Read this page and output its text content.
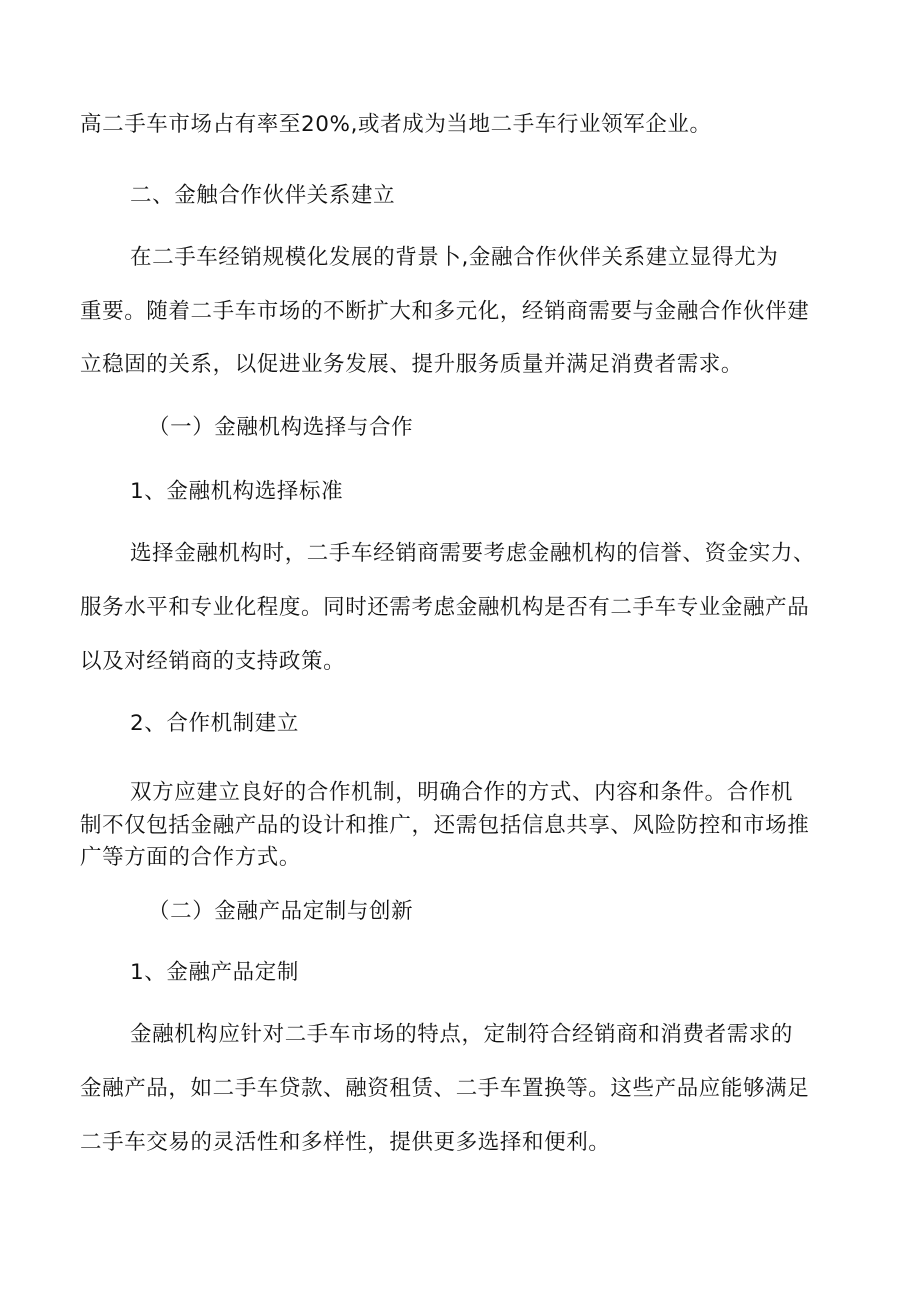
高二手车市场占有率至20%,或者成为当地二手车行业领军企业。
二、金触合作伙伴关系建立
在二手车经销规模化发展的背景卜,金融合作伙伴关系建立显得尤为
重要。随着二手车市场的不断扩大和多元化，经销商需要与金融合作伙伴建
立稳固的关系，以促进业务发展、提升服务质量并满足消费者需求。
（一）金融机构选择与合作
1、金融机构选择标准
选择金融机构时，二手车经销商需要考虑金融机构的信誉、资金实力、
服务水平和专业化程度。同时还需考虑金融机构是否有二手车专业金融产品
以及对经销商的支持政策。
2、合作机制建立
双方应建立良好的合作机制，明确合作的方式、内容和条件。合作机
制不仅包括金融产品的设计和推广，还需包括信息共享、风险防控和市场推
广等方面的合作方式。
（二）金融产品定制与创新
1、金融产品定制
金融机构应针对二手车市场的特点，定制符合经销商和消费者需求的
金融产品，如二手车贷款、融资租赁、二手车置换等。这些产品应能够满足
二手车交易的灵活性和多样性，提供更多选择和便利。
